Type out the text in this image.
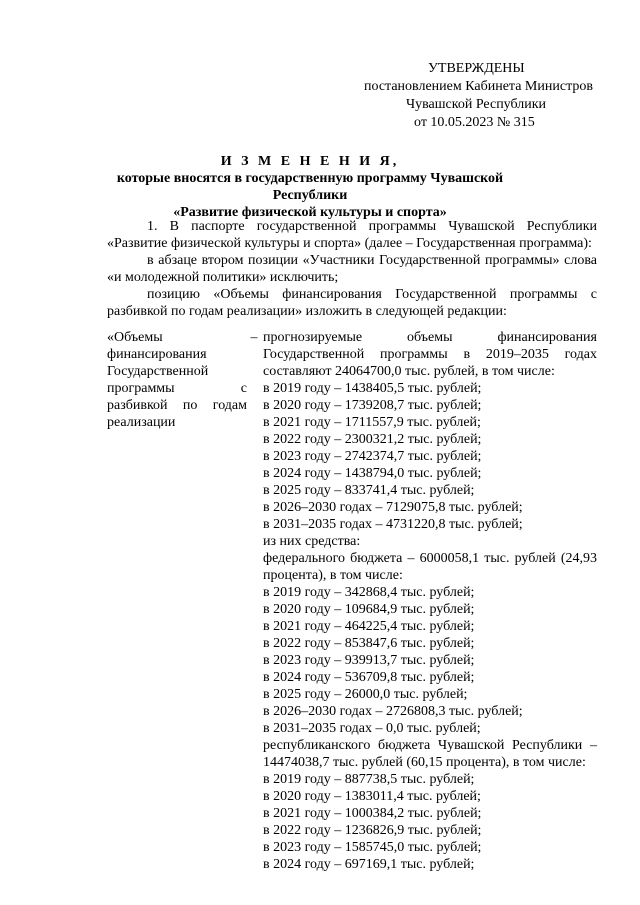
УТВЕРЖДЕНЫ
постановлением Кабинета Министров
Чувашской Республики
от 10.05.2023 № 315
И З М Е Н Е Н И Я,
которые вносятся в государственную программу Чувашской Республики
«Развитие физической культуры и спорта»

1. В паспорте государственной программы Чувашской Республики «Развитие физической культуры и спорта» (далее – Государственная программа):

в абзаце втором позиции «Участники Государственной программы» слова «и молодежной политики» исключить;

позицию «Объемы финансирования Государственной программы с разбивкой по годам реализации» изложить в следующей редакции:

«Объемы финансирования Государственной программы с разбивкой по годам реализации

– прогнозируемые объемы финансирования Государственной программы в 2019–2035 годах составляют 24064700,0 тыс. рублей, в том числе:
в 2019 году – 1438405,5 тыс. рублей;
в 2020 году – 1739208,7 тыс. рублей;
в 2021 году – 1711557,9 тыс. рублей;
в 2022 году – 2300321,2 тыс. рублей;
в 2023 году – 2742374,7 тыс. рублей;
в 2024 году – 1438794,0 тыс. рублей;
в 2025 году – 833741,4 тыс. рублей;
в 2026–2030 годах – 7129075,8 тыс. рублей;
в 2031–2035 годах – 4731220,8 тыс. рублей;
из них средства:
федерального бюджета – 6000058,1 тыс. рублей (24,93 процента), в том числе:
в 2019 году – 342868,4 тыс. рублей;
в 2020 году – 109684,9 тыс. рублей;
в 2021 году – 464225,4 тыс. рублей;
в 2022 году – 853847,6 тыс. рублей;
в 2023 году – 939913,7 тыс. рублей;
в 2024 году – 536709,8 тыс. рублей;
в 2025 году – 26000,0 тыс. рублей;
в 2026–2030 годах – 2726808,3 тыс. рублей;
в 2031–2035 годах – 0,0 тыс. рублей;
республиканского бюджета Чувашской Республики – 14474038,7 тыс. рублей (60,15 процента), в том числе:
в 2019 году – 887738,5 тыс. рублей;
в 2020 году – 1383011,4 тыс. рублей;
в 2021 году – 1000384,2 тыс. рублей;
в 2022 году – 1236826,9 тыс. рублей;
в 2023 году – 1585745,0 тыс. рублей;
в 2024 году – 697169,1 тыс. рублей;
